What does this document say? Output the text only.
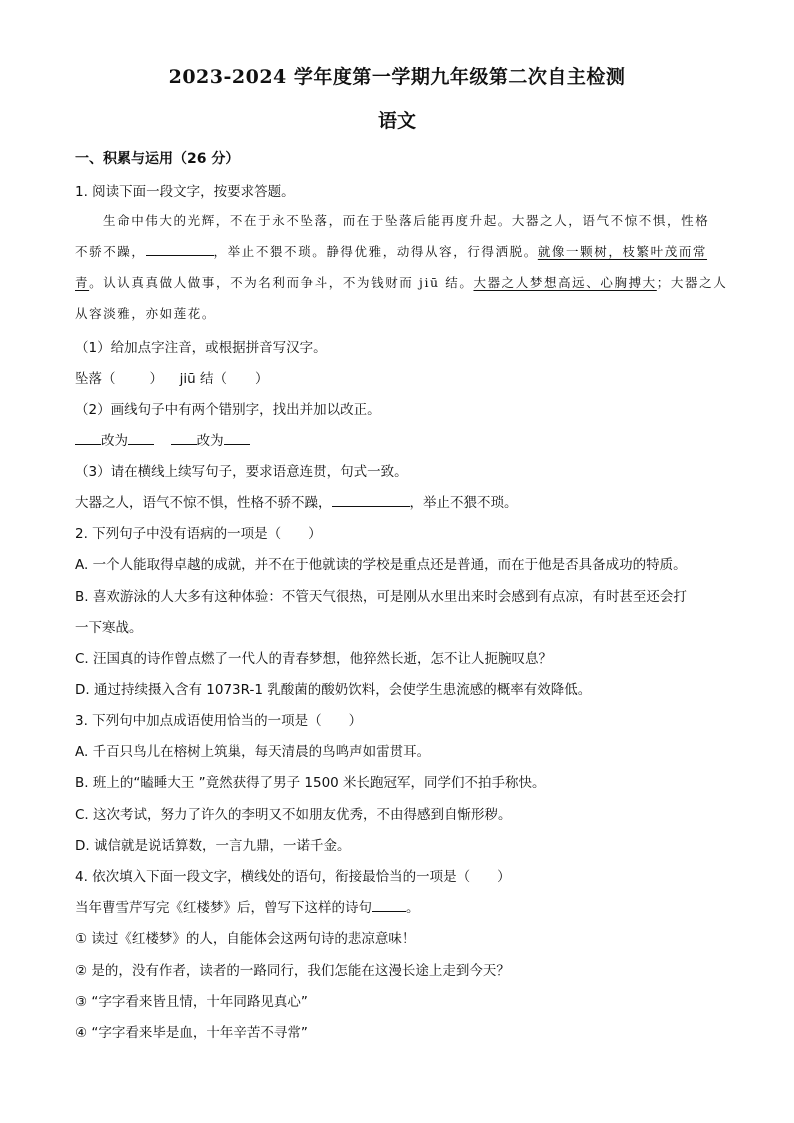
2023-2024 学年度第一学期九年级第二次自主检测
语文
一、积累与运用（26 分）
1. 阅读下面一段文字，按要求答题。
生命中伟大的光辉，不在于永不坠落，而在于坠落后能再度升起。大器之人，语气不惊不惧，性格
不骄不躁，	，举止不猥不琐。静得优雅，动得从容，行得洒脱。就像一颗树，枝繁叶茂而常
青。认认真真做人做事，不为名利而争斗，不为钱财而 jiū 结。大器之人梦想高远、心胸搏大；大器之人
从容淡雅，亦如莲花。
（1）给加点字注音，或根据拼音写汉字。
坠落（	） jiū 结（ ）
（2）画线句子中有两个错别字，找出并加以改正。
改为	改为
（3）请在横线上续写句子，要求语意连贯，句式一致。
大器之人，语气不惊不惧，性格不骄不躁，	，举止不猥不琐。
2. 下列句子中没有语病的一项是（　　）
A. 一个人能取得卓越的成就，并不在于他就读的学校是重点还是普通，而在于他是否具备成功的特质。
B. 喜欢游泳的人大多有这种体验：不管天气很热，可是刚从水里出来时会感到有点凉，有时甚至还会打
一下寒战。
C. 汪国真的诗作曾点燃了一代人的青春梦想，他猝然长逝，怎不让人扼腕叹息？
D. 通过持续摄入含有 1073R-1 乳酸菌的酸奶饮料，会使学生患流感的概率有效降低。
3. 下列句中加点成语使用恰当的一项是（　　）
A. 千百只鸟儿在榕树上筑巢，每天清晨的鸟鸣声如雷贯耳。
B. 班上的“瞌睡大王 ”竟然获得了男子 1500 米长跑冠军，同学们不拍手称快。
C. 这次考试，努力了许久的李明又不如朋友优秀，不由得感到自惭形秽。
D. 诚信就是说话算数，一言九鼎，一诺千金。
4. 依次填入下面一段文字，横线处的语句，衔接最恰当的一项是（　　）
当年曹雪芹写完《红楼梦》后，曾写下这样的诗句	。
① 读过《红楼梦》的人，自能体会这两句诗的悲凉意味！
② 是的，没有作者，读者的一路同行，我们怎能在这漫长途上走到今天？
③ “字字看来皆且情，十年同路见真心”
④ “字字看来毕是血，十年辛苦不寻常”
